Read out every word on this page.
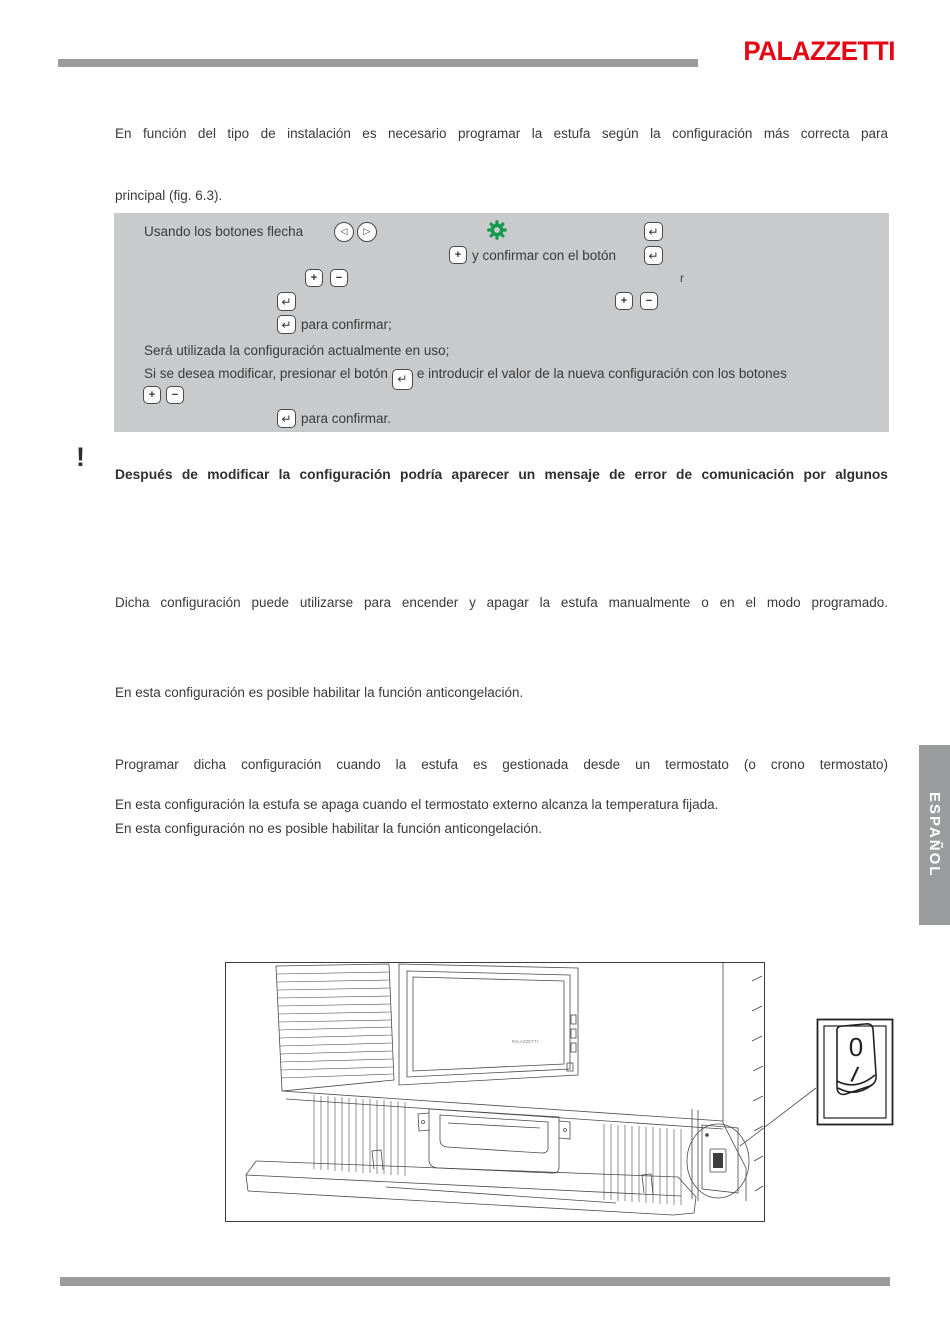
PALAZZETTI

En función del tipo de instalación es necesario programar la estufa según la configuración más correcta para

principal (fig. 6.3).

Usando los botones flecha	◁	▷	↵
+ y confirmar con el botón	↵
+	−	r
↵	+	−
↵ para confirmar;
Será utilizada la configuración actualmente en uso;
Si se desea modificar, presionar el botón ↵ e introducir el valor de la nueva configuración con los botones
+	−
↵ para confirmar.
!

Después de modificar la configuración podría aparecer un mensaje de error de comunicación por algunos

Dicha configuración puede utilizarse para encender y apagar la estufa manualmente o en el modo programado.

En esta configuración es posible habilitar la función anticongelación.

Programar dicha configuración cuando la estufa es gestionada desde un termostato (o crono termostato)

En esta configuración la estufa se apaga cuando el termostato externo alcanza la temperatura fijada.

En esta configuración no es posible habilitar la función anticongelación.	ESPAÑOL
PALAZZETTI	0
I
